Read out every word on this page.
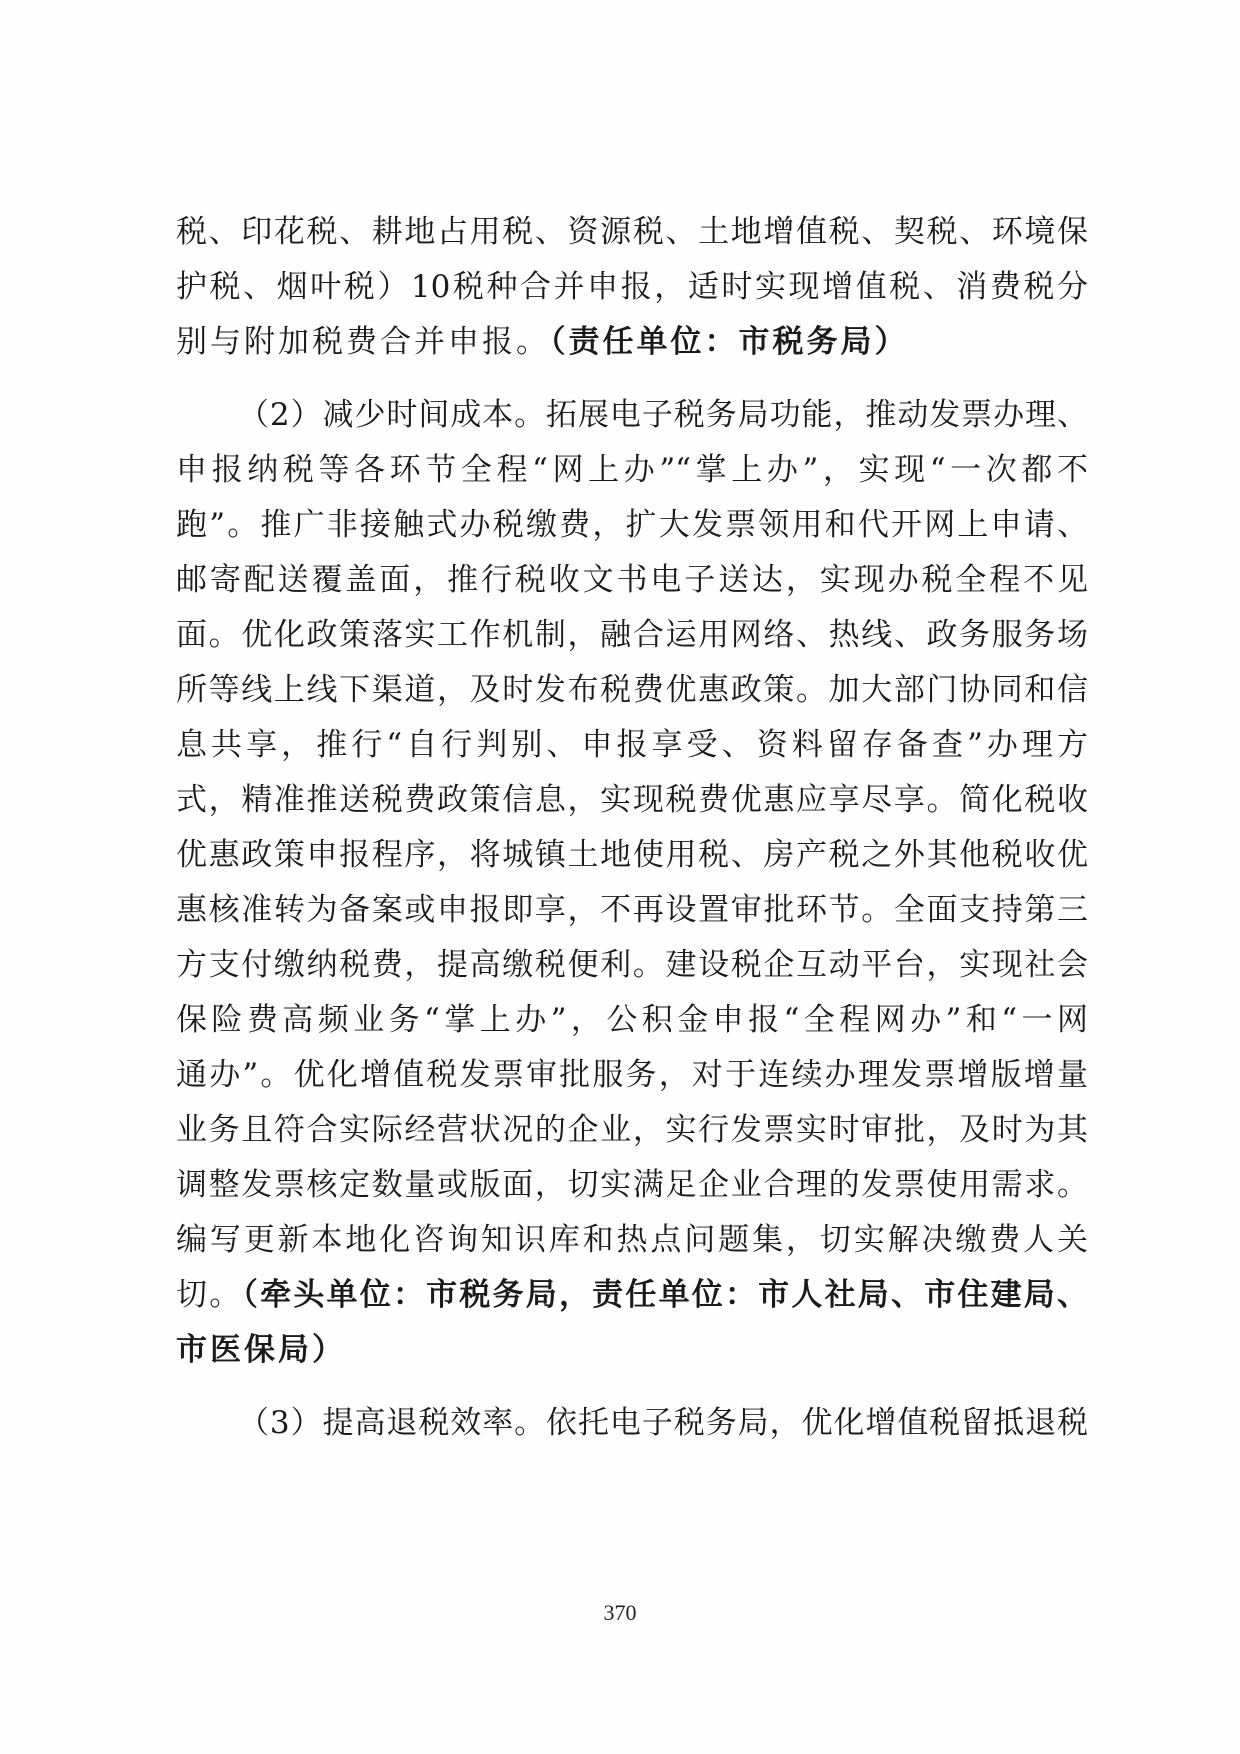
税、印花税、耕地占用税、资源税、土地增值税、契税、环境保
护税、烟叶税）10税种合并申报，适时实现增值税、消费税分
别与附加税费合并申报。（责任单位：市税务局）
（2）减少时间成本。拓展电子税务局功能，推动发票办理、
申报纳税等各环节全程“网上办”“掌上办”，实现“一次都不
跑”。推广非接触式办税缴费，扩大发票领用和代开网上申请、
邮寄配送覆盖面，推行税收文书电子送达，实现办税全程不见
面。优化政策落实工作机制，融合运用网络、热线、政务服务场
所等线上线下渠道，及时发布税费优惠政策。加大部门协同和信
息共享，推行“自行判别、申报享受、资料留存备查”办理方
式，精准推送税费政策信息，实现税费优惠应享尽享。简化税收
优惠政策申报程序，将城镇土地使用税、房产税之外其他税收优
惠核准转为备案或申报即享，不再设置审批环节。全面支持第三
方支付缴纳税费，提高缴税便利。建设税企互动平台，实现社会
保险费高频业务“掌上办”，公积金申报“全程网办”和“一网
通办”。优化增值税发票审批服务，对于连续办理发票增版增量
业务且符合实际经营状况的企业，实行发票实时审批，及时为其
调整发票核定数量或版面，切实满足企业合理的发票使用需求。
编写更新本地化咨询知识库和热点问题集，切实解决缴费人关
切。（牵头单位：市税务局，责任单位：市人社局、市住建局、
市医保局）
（3）提高退税效率。依托电子税务局，优化增值税留抵退税
370
